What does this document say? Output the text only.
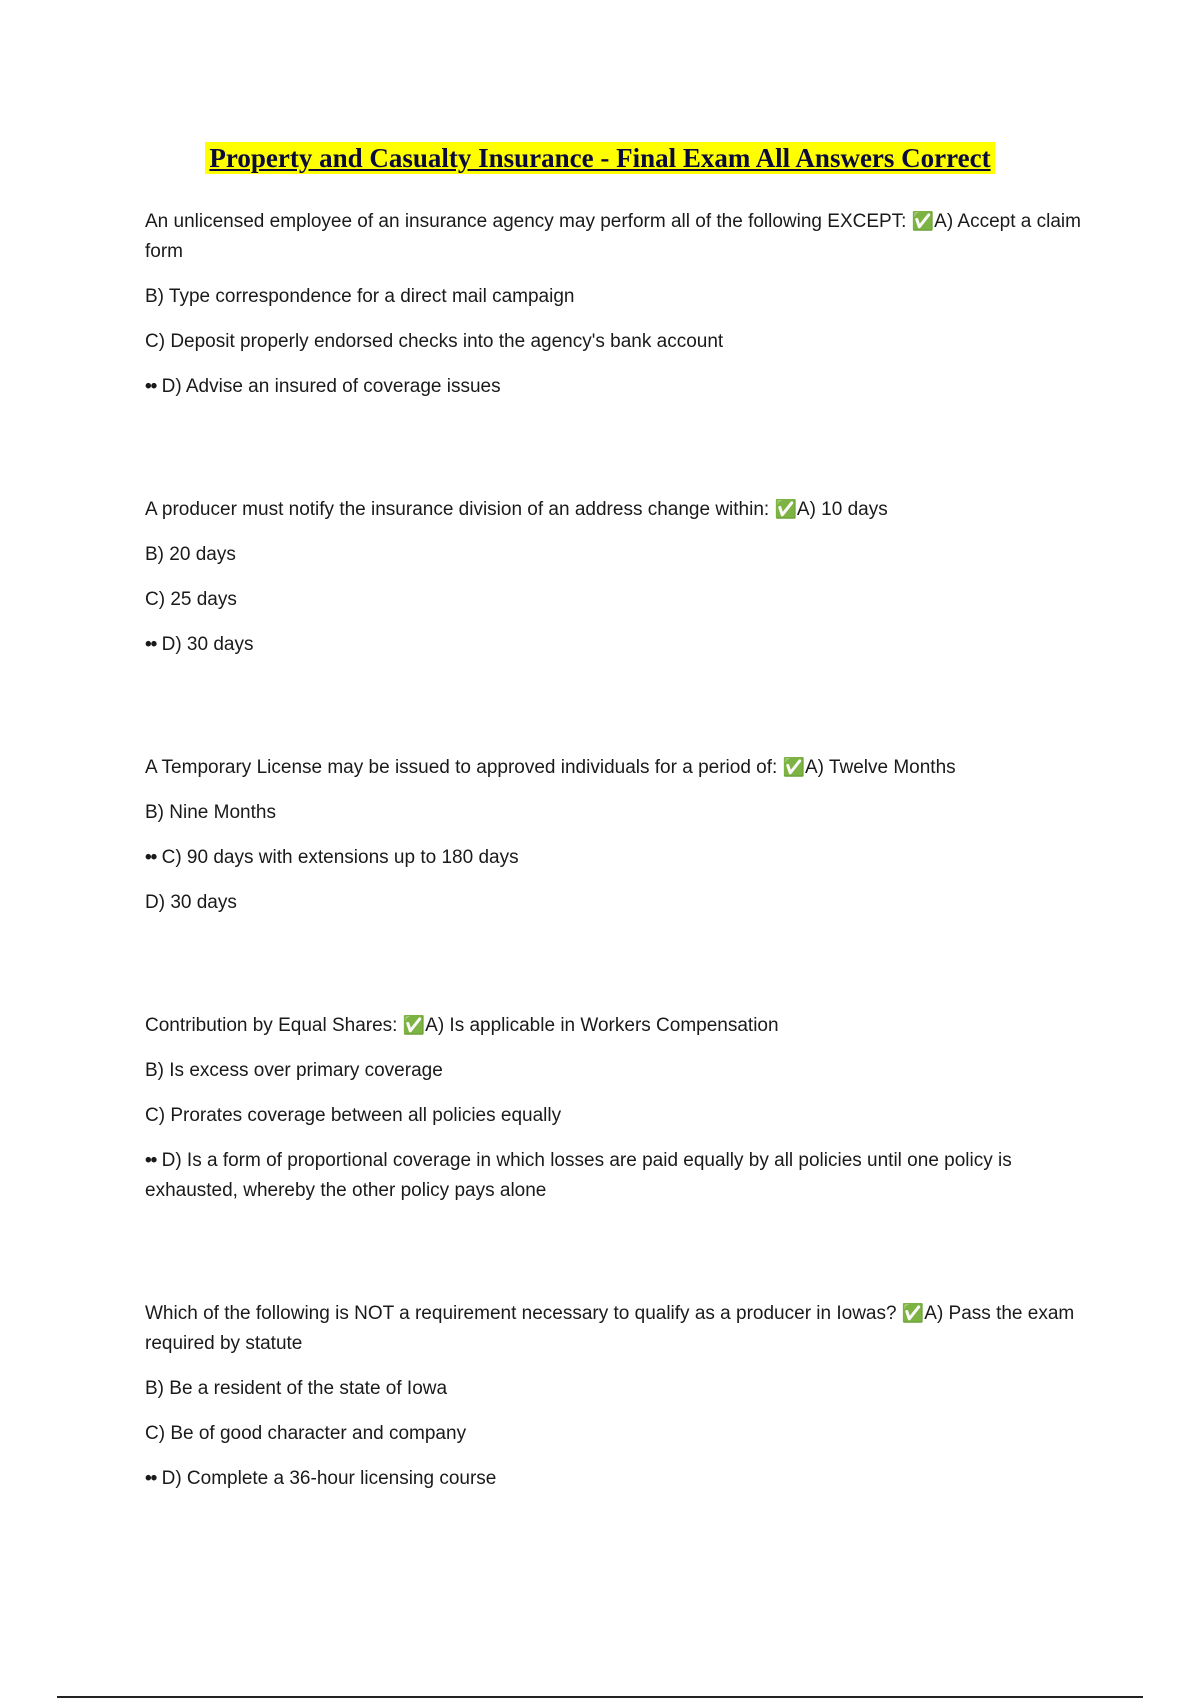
Property and Casualty Insurance - Final Exam All Answers Correct

An unlicensed employee of an insurance agency may perform all of the following EXCEPT: ✅A) Accept a claim form

B) Type correspondence for a direct mail campaign

C) Deposit properly endorsed checks into the agency's bank account

•• D) Advise an insured of coverage issues

A producer must notify the insurance division of an address change within: ✅A) 10 days

B) 20 days

C) 25 days

•• D) 30 days

A Temporary License may be issued to approved individuals for a period of: ✅A) Twelve Months

B) Nine Months

•• C) 90 days with extensions up to 180 days

D) 30 days

Contribution by Equal Shares: ✅A) Is applicable in Workers Compensation

B) Is excess over primary coverage

C) Prorates coverage between all policies equally

•• D) Is a form of proportional coverage in which losses are paid equally by all policies until one policy is exhausted, whereby the other policy pays alone

Which of the following is NOT a requirement necessary to qualify as a producer in Iowas? ✅A) Pass the exam required by statute

B) Be a resident of the state of Iowa

C) Be of good character and company

•• D) Complete a 36-hour licensing course
